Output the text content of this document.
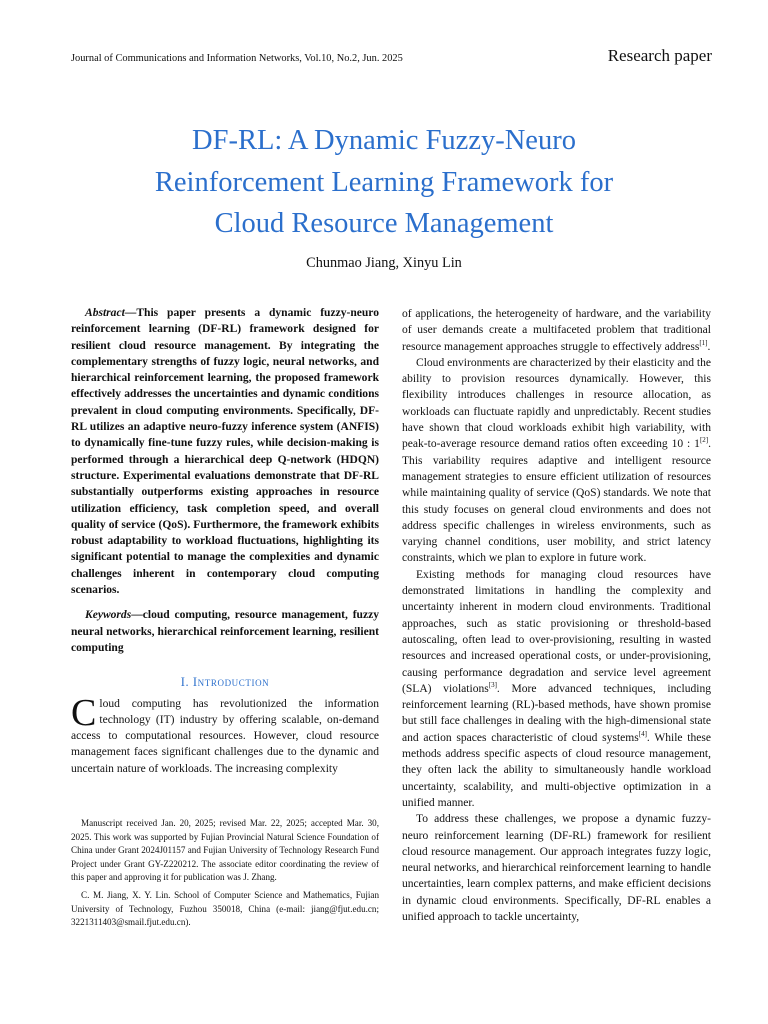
Journal of Communications and Information Networks, Vol.10, No.2, Jun. 2025	Research paper
DF-RL: A Dynamic Fuzzy-Neuro
Reinforcement Learning Framework for
Cloud Resource Management
Chunmao Jiang, Xinyu Lin

Abstract—This paper presents a dynamic fuzzy-neuro reinforcement learning (DF-RL) framework designed for resilient cloud resource management. By integrating the complementary strengths of fuzzy logic, neural networks, and hierarchical reinforcement learning, the proposed framework effectively addresses the uncertainties and dynamic conditions prevalent in cloud computing environments. Specifically, DF-RL utilizes an adaptive neuro-fuzzy inference system (ANFIS) to dynamically fine-tune fuzzy rules, while decision-making is performed through a hierarchical deep Q-network (HDQN) structure. Experimental evaluations demonstrate that DF-RL substantially outperforms existing approaches in resource utilization efficiency, task completion speed, and overall quality of service (QoS). Furthermore, the framework exhibits robust adaptability to workload fluctuations, highlighting its significant potential to manage the complexities and dynamic challenges inherent in contemporary cloud computing scenarios.

Keywords—cloud computing, resource management, fuzzy neural networks, hierarchical reinforcement learning, resilient computing

I. Introduction

Cloud computing has revolutionized the information technology (IT) industry by offering scalable, on-demand access to computational resources. However, cloud resource management faces significant challenges due to the dynamic and uncertain nature of workloads. The increasing complexity

Manuscript received Jan. 20, 2025; revised Mar. 22, 2025; accepted Mar. 30, 2025. This work was supported by Fujian Provincial Natural Science Foundation of China under Grant 2024J01157 and Fujian University of Technology Research Fund Project under Grant GY-Z220212. The associate editor coordinating the review of this paper and approving it for publication was J. Zhang.

C. M. Jiang, X. Y. Lin. School of Computer Science and Mathematics, Fujian University of Technology, Fuzhou 350018, China (e-mail: jiang@fjut.edu.cn; 3221311403@smail.fjut.edu.cn).

of applications, the heterogeneity of hardware, and the variability of user demands create a multifaceted problem that traditional resource management approaches struggle to effectively address[1].

Cloud environments are characterized by their elasticity and the ability to provision resources dynamically. However, this flexibility introduces challenges in resource allocation, as workloads can fluctuate rapidly and unpredictably. Recent studies have shown that cloud workloads exhibit high variability, with peak-to-average resource demand ratios often exceeding 10 : 1[2]. This variability requires adaptive and intelligent resource management strategies to ensure efficient utilization of resources while maintaining quality of service (QoS) standards. We note that this study focuses on general cloud environments and does not address specific challenges in wireless environments, such as varying channel conditions, user mobility, and strict latency constraints, which we plan to explore in future work.

Existing methods for managing cloud resources have demonstrated limitations in handling the complexity and uncertainty inherent in modern cloud environments. Traditional approaches, such as static provisioning or threshold-based autoscaling, often lead to over-provisioning, resulting in wasted resources and increased operational costs, or under-provisioning, causing performance degradation and service level agreement (SLA) violations[3]. More advanced techniques, including reinforcement learning (RL)-based methods, have shown promise but still face challenges in dealing with the high-dimensional state and action spaces characteristic of cloud systems[4]. While these methods address specific aspects of cloud resource management, they often lack the ability to simultaneously handle workload uncertainty, scalability, and multi-objective optimization in a unified manner.

To address these challenges, we propose a dynamic fuzzy-neuro reinforcement learning (DF-RL) framework for resilient cloud resource management. Our approach integrates fuzzy logic, neural networks, and hierarchical reinforcement learning to handle uncertainties, learn complex patterns, and make efficient decisions in dynamic cloud environments. Specifically, DF-RL enables a unified approach to tackle uncertainty,
